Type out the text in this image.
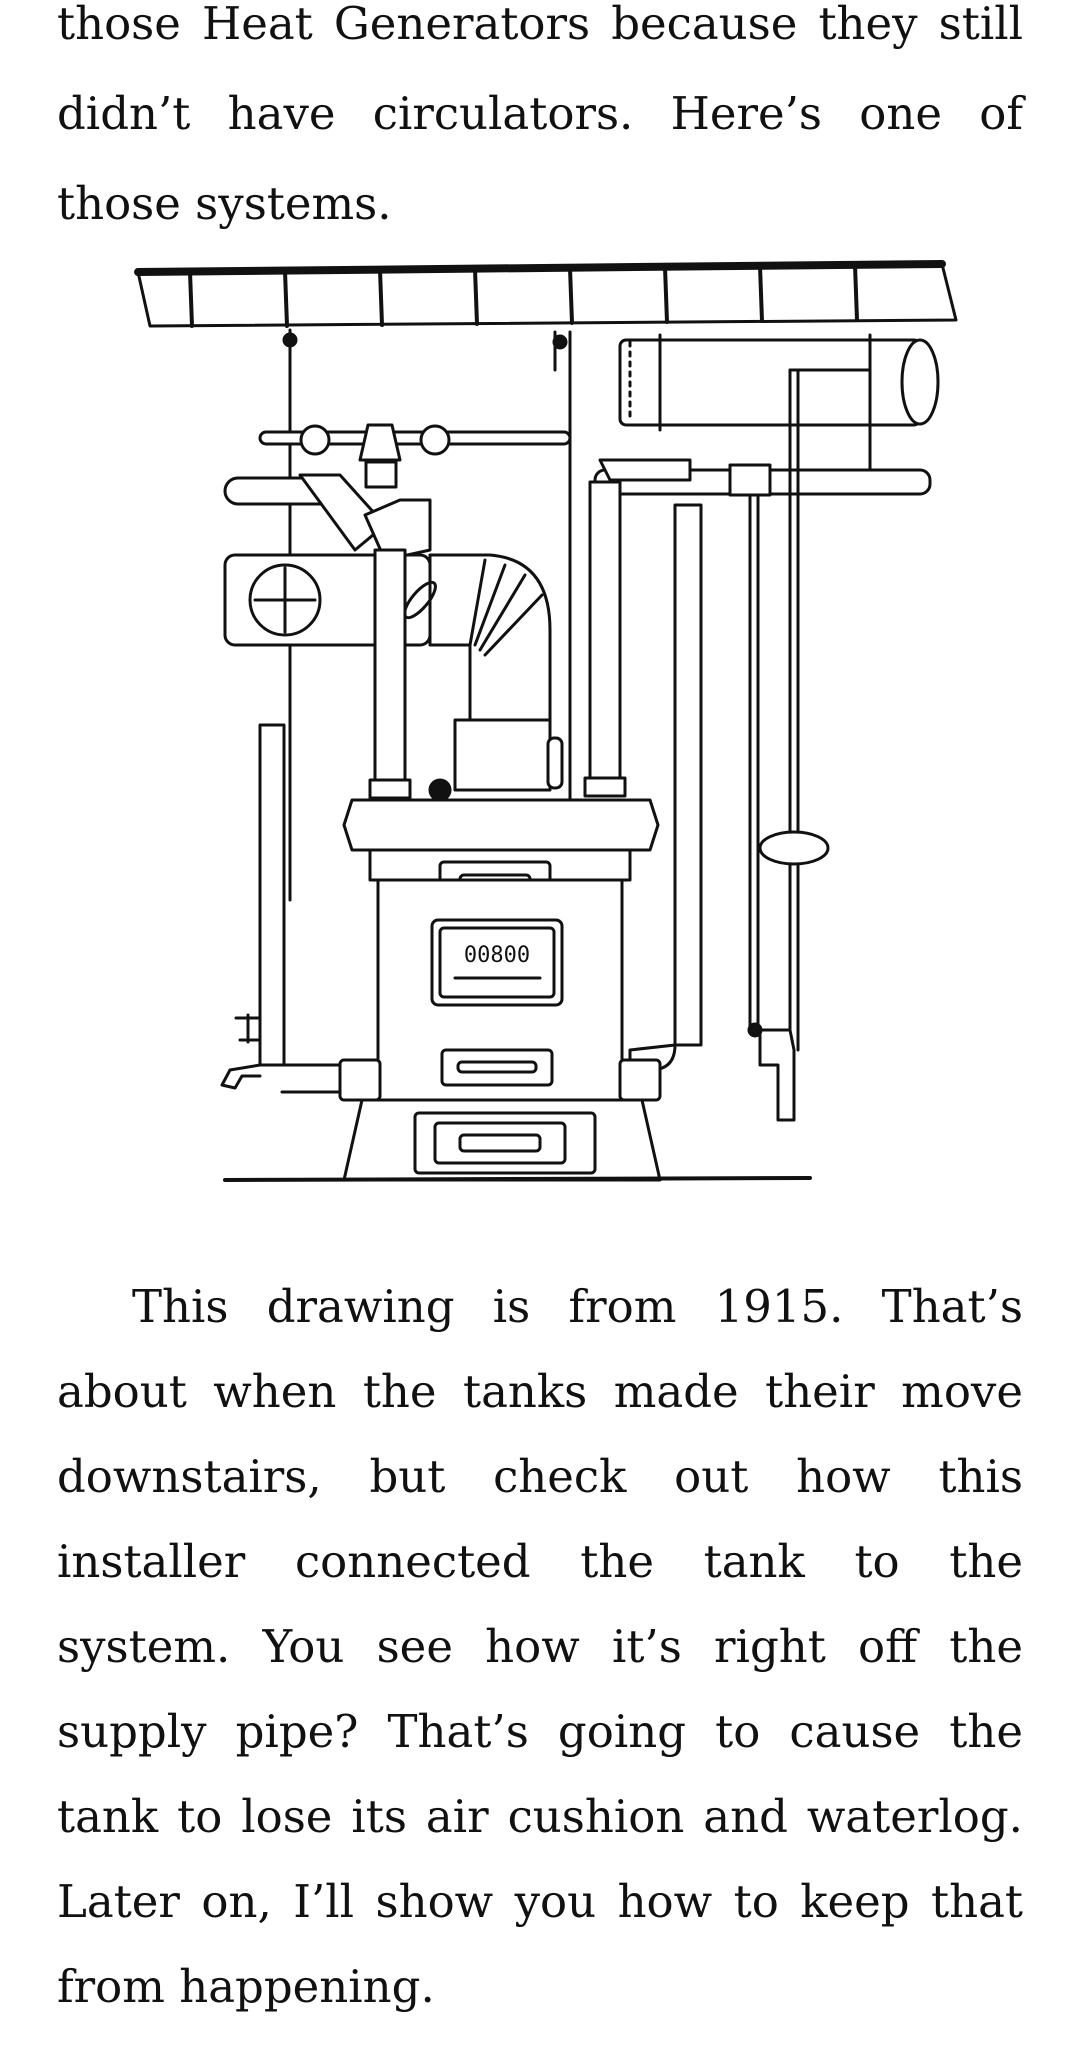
those Heat Generators because they still didn’t have circulators. Here’s one of those systems.

00800

This drawing is from 1915. That’s about when the tanks made their move downstairs, but check out how this installer connected the tank to the system. You see how it’s right off the supply pipe? That’s going to cause the tank to lose its air cushion and waterlog. Later on, I’ll show you how to keep that from happening.
